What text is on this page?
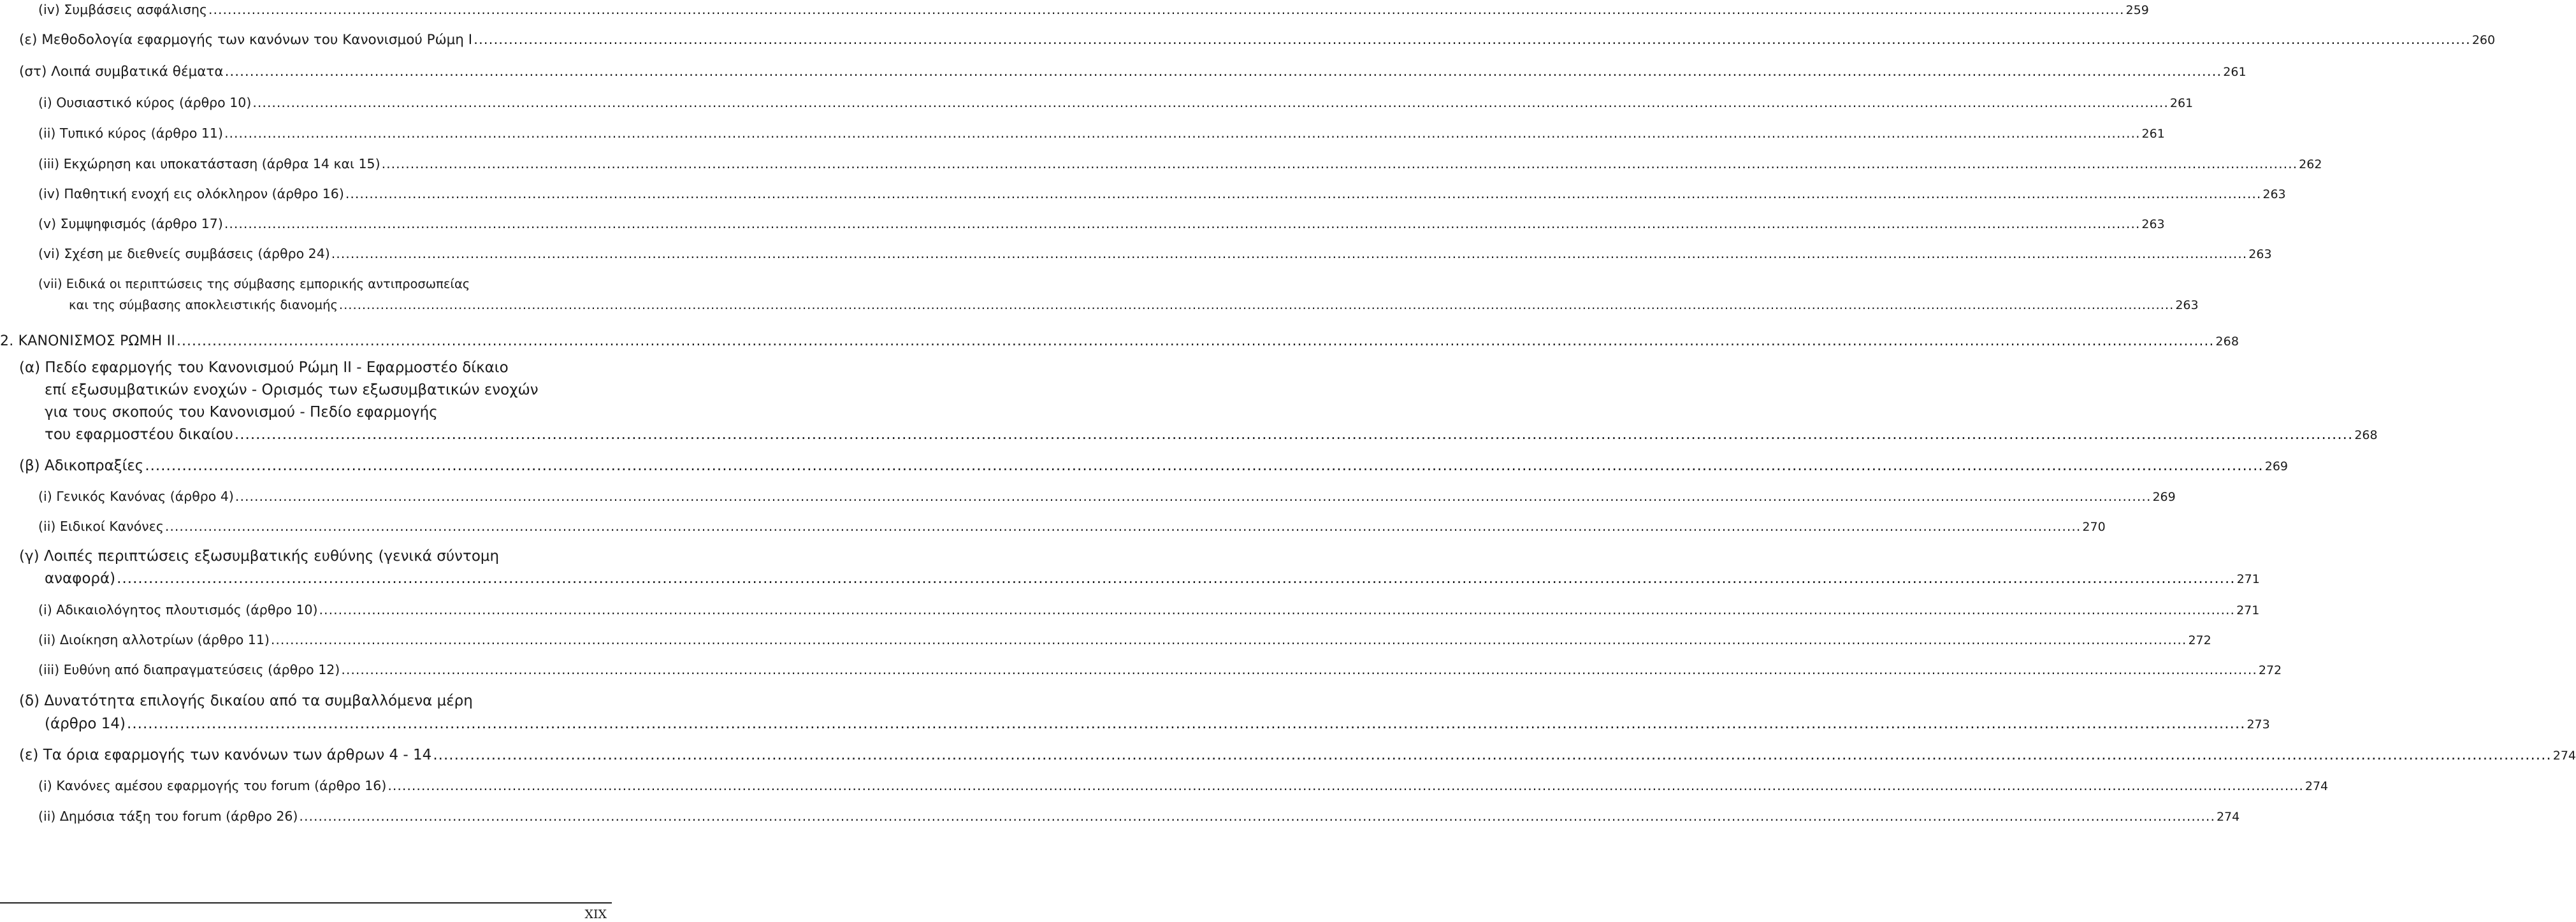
(iv) Συμβάσεις ασφάλισης ................................................................................................................................................................................................................................................................................................................................................................................................................ 259
(ε) Μεθοδολογία εφαρμογής των κανόνων του Κανονισμού Ρώμη Ι ................................................................................................................................................................................................................................................................................................................................................................................................................ 260
(στ) Λοιπά συμβατικά θέματα ................................................................................................................................................................................................................................................................................................................................................................................................................ 261
(i) Ουσιαστικό κύρος (άρθρο 10) ................................................................................................................................................................................................................................................................................................................................................................................................................ 261
(ii) Τυπικό κύρος (άρθρο 11) ................................................................................................................................................................................................................................................................................................................................................................................................................ 261
(iii) Εκχώρηση και υποκατάσταση (άρθρα 14 και 15) ................................................................................................................................................................................................................................................................................................................................................................................................................ 262
(iv) Παθητική ενοχή εις ολόκληρον (άρθρο 16) ................................................................................................................................................................................................................................................................................................................................................................................................................ 263
(v) Συμψηφισμός (άρθρο 17) ................................................................................................................................................................................................................................................................................................................................................................................................................ 263
(vi) Σχέση με διεθνείς συμβάσεις (άρθρο 24) ................................................................................................................................................................................................................................................................................................................................................................................................................ 263
(vii) Ειδικά οι περιπτώσεις της σύμβασης εμπορικής αντιπροσωπείας
και της σύμβασης αποκλειστικής διανομής ................................................................................................................................................................................................................................................................................................................................................................................................................ 263
2. ΚΑΝΟΝΙΣΜΟΣ ΡΩΜΗ ΙΙ ................................................................................................................................................................................................................................................................................................................................................................................................................ 268
(α) Πεδίο εφαρμογής του Κανονισμού Ρώμη ΙΙ - Εφαρμοστέο δίκαιο
επί εξωσυμβατικών ενοχών - Ορισμός των εξωσυμβατικών ενοχών
για τους σκοπούς του Κανονισμού - Πεδίο εφαρμογής
του εφαρμοστέου δικαίου ................................................................................................................................................................................................................................................................................................................................................................................................................ 268
(β) Αδικοπραξίες ................................................................................................................................................................................................................................................................................................................................................................................................................ 269
(i) Γενικός Κανόνας (άρθρο 4) ................................................................................................................................................................................................................................................................................................................................................................................................................ 269
(ii) Ειδικοί Κανόνες ................................................................................................................................................................................................................................................................................................................................................................................................................ 270
(γ) Λοιπές περιπτώσεις εξωσυμβατικής ευθύνης (γενικά σύντομη
αναφορά) ................................................................................................................................................................................................................................................................................................................................................................................................................ 271
(i) Αδικαιολόγητος πλουτισμός (άρθρο 10) ................................................................................................................................................................................................................................................................................................................................................................................................................ 271
(ii) Διοίκηση αλλοτρίων (άρθρο 11) ................................................................................................................................................................................................................................................................................................................................................................................................................ 272
(iii) Ευθύνη από διαπραγματεύσεις (άρθρο 12) ................................................................................................................................................................................................................................................................................................................................................................................................................ 272
(δ) Δυνατότητα επιλογής δικαίου από τα συμβαλλόμενα μέρη
(άρθρο 14) ................................................................................................................................................................................................................................................................................................................................................................................................................ 273
(ε) Τα όρια εφαρμογής των κανόνων των άρθρων 4 - 14 ................................................................................................................................................................................................................................................................................................................................................................................................................ 274
(i) Κανόνες αμέσου εφαρμογής του forum (άρθρο 16) ................................................................................................................................................................................................................................................................................................................................................................................................................ 274
(ii) Δημόσια τάξη του forum (άρθρο 26) ................................................................................................................................................................................................................................................................................................................................................................................................................ 274
XIX
